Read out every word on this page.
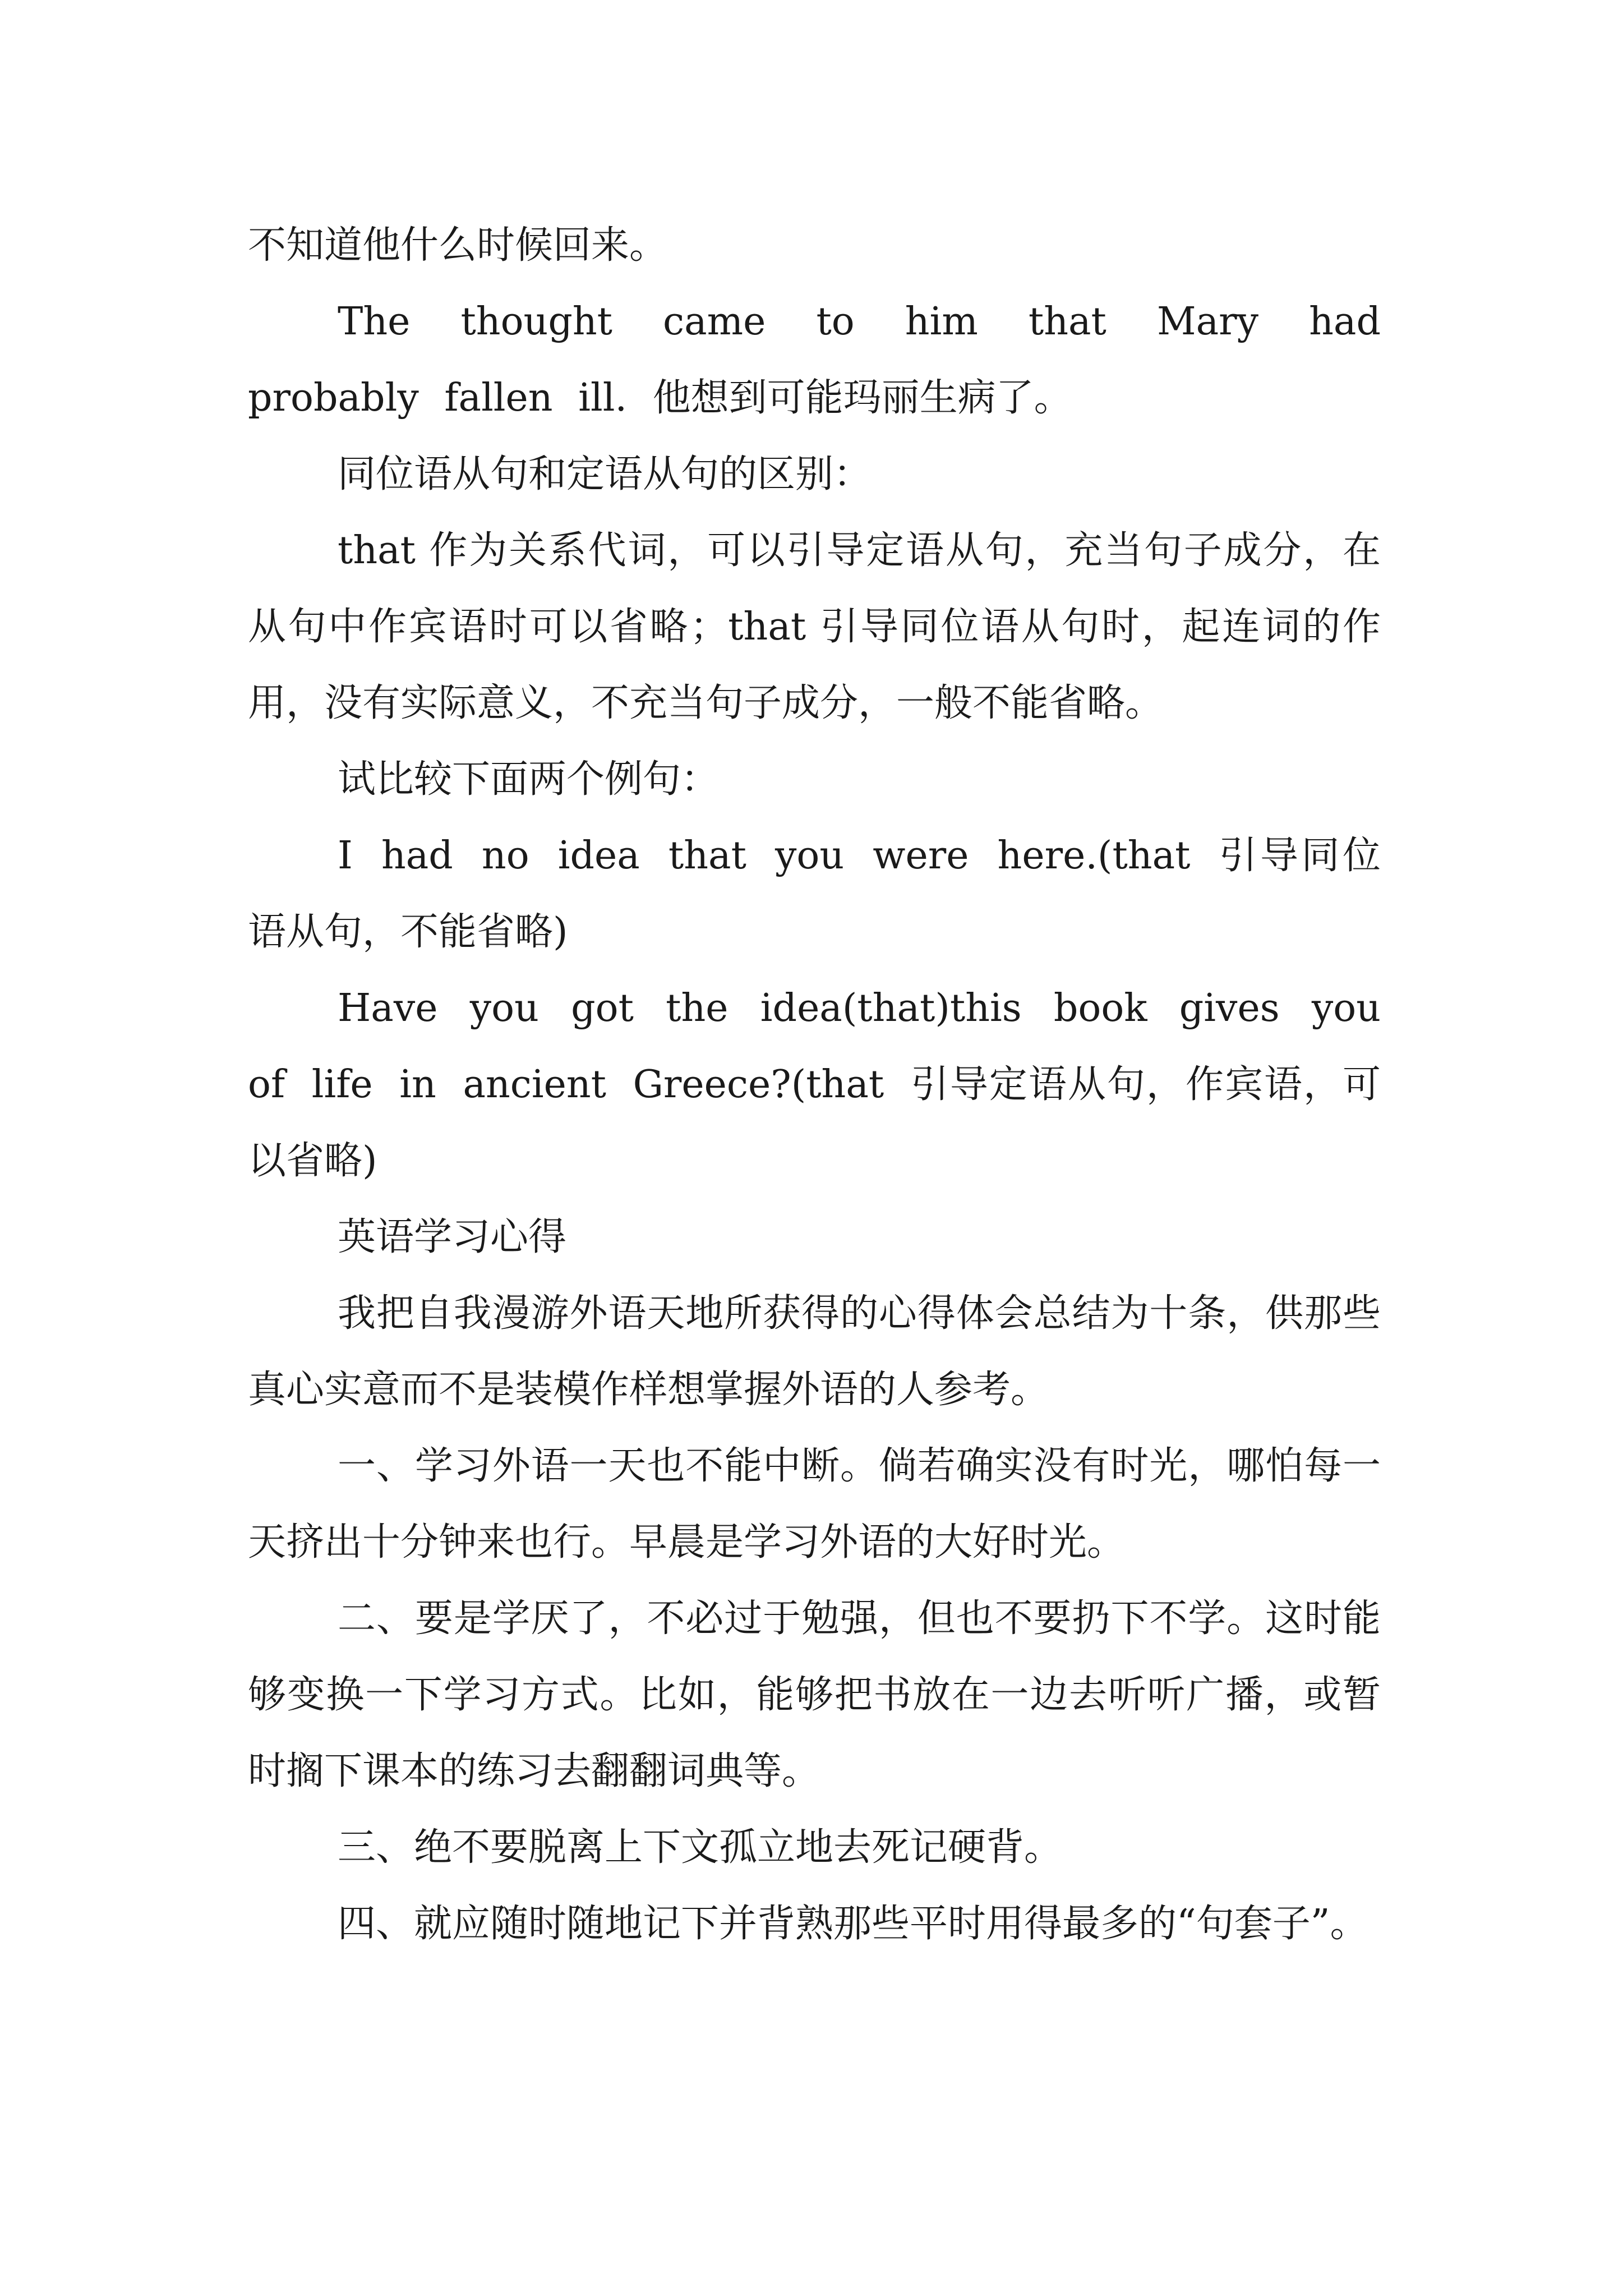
不知道他什么时候回来。

The thought came to him that Mary had probably fallen ill. 他想到可能玛丽生病了。

同位语从句和定语从句的区别：

that 作为关系代词，可以引导定语从句，充当句子成分，在从句中作宾语时可以省略；that 引导同位语从句时，起连词的作用，没有实际意义，不充当句子成分，一般不能省略。

试比较下面两个例句：

I had no idea that you were here.(that 引导同位语从句，不能省略)

Have you got the idea(that)this book gives you of life in ancient Greece?(that 引导定语从句，作宾语，可以省略)

英语学习心得

我把自我漫游外语天地所获得的心得体会总结为十条，供那些真心实意而不是装模作样想掌握外语的人参考。

一、学习外语一天也不能中断。倘若确实没有时光，哪怕每一天挤出十分钟来也行。早晨是学习外语的大好时光。

二、要是学厌了，不必过于勉强，但也不要扔下不学。这时能够变换一下学习方式。比如，能够把书放在一边去听听广播，或暂时搁下课本的练习去翻翻词典等。

三、绝不要脱离上下文孤立地去死记硬背。

四、就应随时随地记下并背熟那些平时用得最多的“句套子”。
